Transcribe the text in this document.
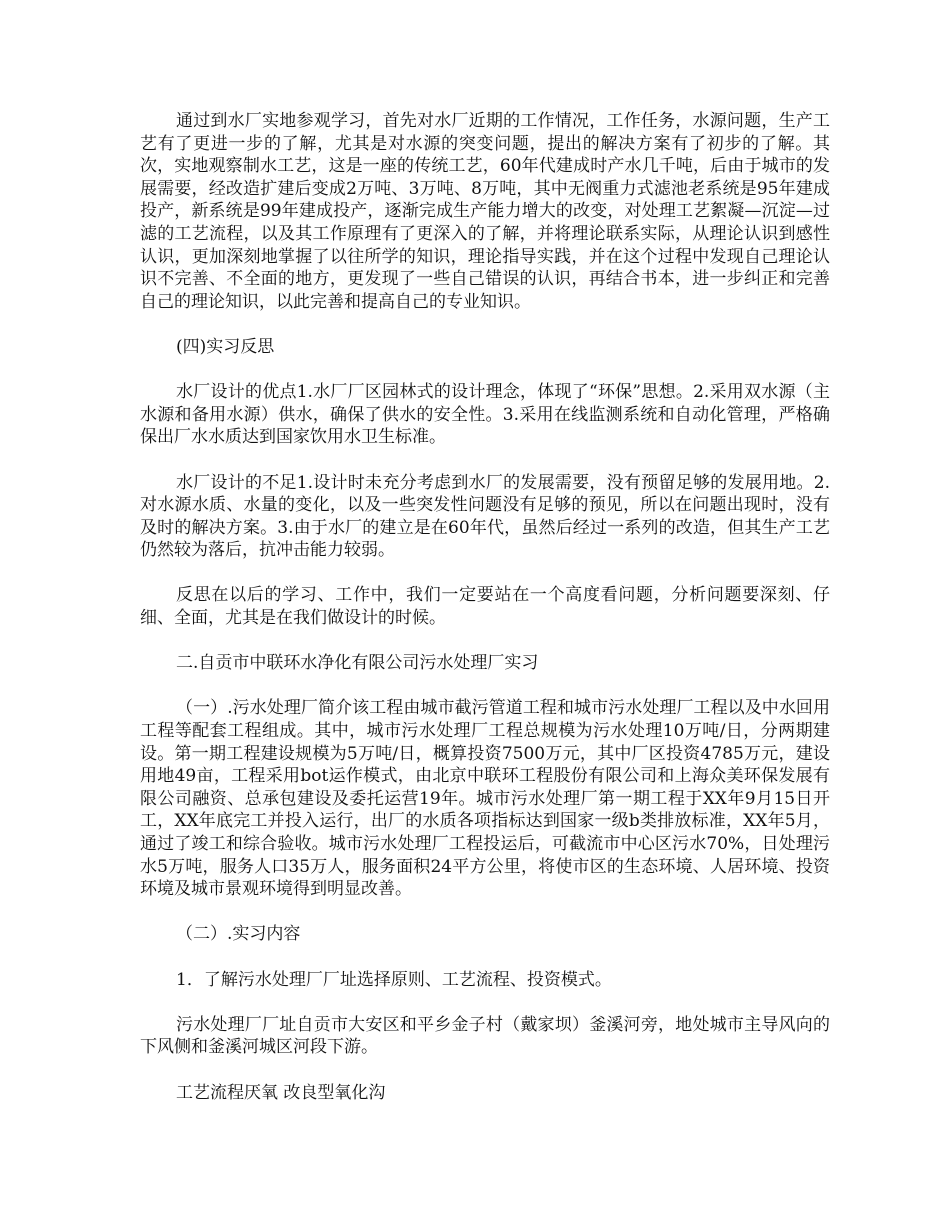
通过到水厂实地参观学习，首先对水厂近期的工作情况，工作任务，水源问题，生产工艺有了更进一步的了解，尤其是对水源的突变问题，提出的解决方案有了初步的了解。其次，实地观察制水工艺，这是一座的传统工艺，60年代建成时产水几千吨，后由于城市的发展需要，经改造扩建后变成2万吨、3万吨、8万吨，其中无阀重力式滤池老系统是95年建成投产，新系统是99年建成投产，逐渐完成生产能力增大的改变，对处理工艺絮凝—沉淀—过滤的工艺流程，以及其工作原理有了更深入的了解，并将理论联系实际，从理论认识到感性认识，更加深刻地掌握了以往所学的知识，理论指导实践，并在这个过程中发现自己理论认识不完善、不全面的地方，更发现了一些自己错误的认识，再结合书本，进一步纠正和完善自己的理论知识，以此完善和提高自己的专业知识。

(四)实习反思

水厂设计的优点1.水厂厂区园林式的设计理念，体现了“环保”思想。2.采用双水源（主水源和备用水源）供水，确保了供水的安全性。3.采用在线监测系统和自动化管理，严格确保出厂水水质达到国家饮用水卫生标准。

水厂设计的不足1.设计时未充分考虑到水厂的发展需要，没有预留足够的发展用地。2.对水源水质、水量的变化，以及一些突发性问题没有足够的预见，所以在问题出现时，没有及时的解决方案。3.由于水厂的建立是在60年代，虽然后经过一系列的改造，但其生产工艺仍然较为落后，抗冲击能力较弱。

反思在以后的学习、工作中，我们一定要站在一个高度看问题，分析问题要深刻、仔细、全面，尤其是在我们做设计的时候。

二.自贡市中联环水净化有限公司污水处理厂实习

（一）.污水处理厂简介该工程由城市截污管道工程和城市污水处理厂工程以及中水回用工程等配套工程组成。其中，城市污水处理厂工程总规模为污水处理10万吨/日，分两期建设。第一期工程建设规模为5万吨/日，概算投资7500万元，其中厂区投资4785万元，建设用地49亩，工程采用bot运作模式，由北京中联环工程股份有限公司和上海众美环保发展有限公司融资、总承包建设及委托运营19年。城市污水处理厂第一期工程于XX年9月15日开工，XX年底完工并投入运行，出厂的水质各项指标达到国家一级b类排放标准，XX年5月，通过了竣工和综合验收。城市污水处理厂工程投运后，可截流市中心区污水70%，日处理污水5万吨，服务人口35万人，服务面积24平方公里，将使市区的生态环境、人居环境、投资环境及城市景观环境得到明显改善。

（二）.实习内容

1．了解污水处理厂厂址选择原则、工艺流程、投资模式。

污水处理厂厂址自贡市大安区和平乡金子村（戴家坝）釜溪河旁，地处城市主导风向的下风侧和釜溪河城区河段下游。

工艺流程厌氧 改良型氧化沟
